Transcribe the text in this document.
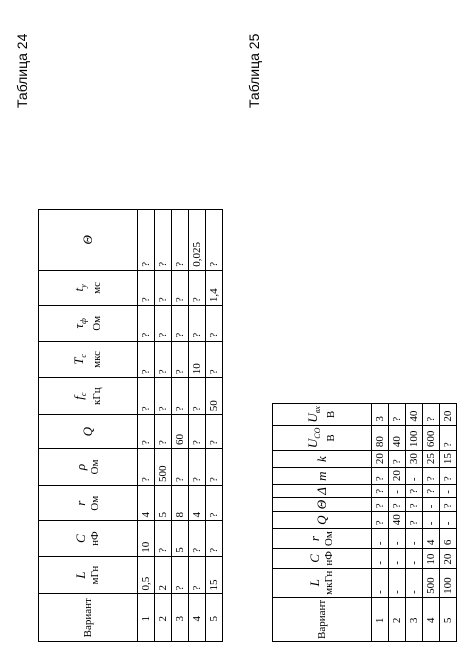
Таблица 24	Таблица 25
Вариант	L мГн	C нФ	r Ом	ρ Ом	Q	$f_c$ кГц	$T_c$ мкс	$\tau_ф$ Ом	$t_у$ мс	Θ
1	0,5	10	4	?	?	?	?	?	?	?
2	2	?	5	500	?	?	?	?	?	?
3	?	5	8	?	60	?	?	?	?	?
4	?	?	4	?	?	?	10	?	?	0,025
5	15	?	?	?	?	50	?	?	1,4	?
Вариант	L мкГн	C нФ	r Ом	Q	Θ	Δ	m	k	$U_{CO}$ В	$U_{вх}$
В

1	-	-	-	?	?	?	?	20	80	3
2	-	-	-	40	?	-	20	?	40	?
3	-	-	-	?	?	?	-	30	100	40
4	500	10	4	-	-	?	?	25	600	?
5	100	20	6	-	?	-	?	15	?	20
